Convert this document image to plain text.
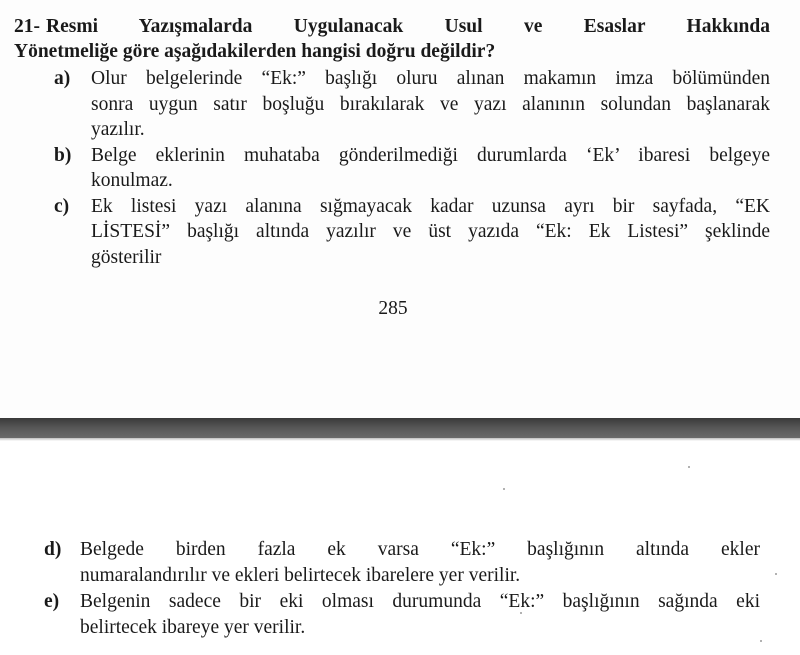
21- Resmi Yazışmalarda Uygulanacak Usul ve Esaslar Hakkında
Yönetmeliğe göre aşağıdakilerden hangisi doğru değildir?
a) Olur belgelerinde “Ek:” başlığı oluru alınan makamın imza bölümünden
sonra uygun satır boşluğu bırakılarak ve yazı alanının solundan başlanarak
yazılır.
b) Belge eklerinin muhataba gönderilmediği durumlarda ‘Ek’ ibaresi belgeye
konulmaz.
c) Ek listesi yazı alanına sığmayacak kadar uzunsa ayrı bir sayfada, “EK
LİSTESİ” başlığı altında yazılır ve üst yazıda “Ek: Ek Listesi” şeklinde
gösterilir
285
d) Belgede birden fazla ek varsa “Ek:” başlığının altında ekler
numaralandırılır ve ekleri belirtecek ibarelere yer verilir.
e) Belgenin sadece bir eki olması durumunda “Ek:” başlığının sağında eki
belirtecek ibareye yer verilir.
